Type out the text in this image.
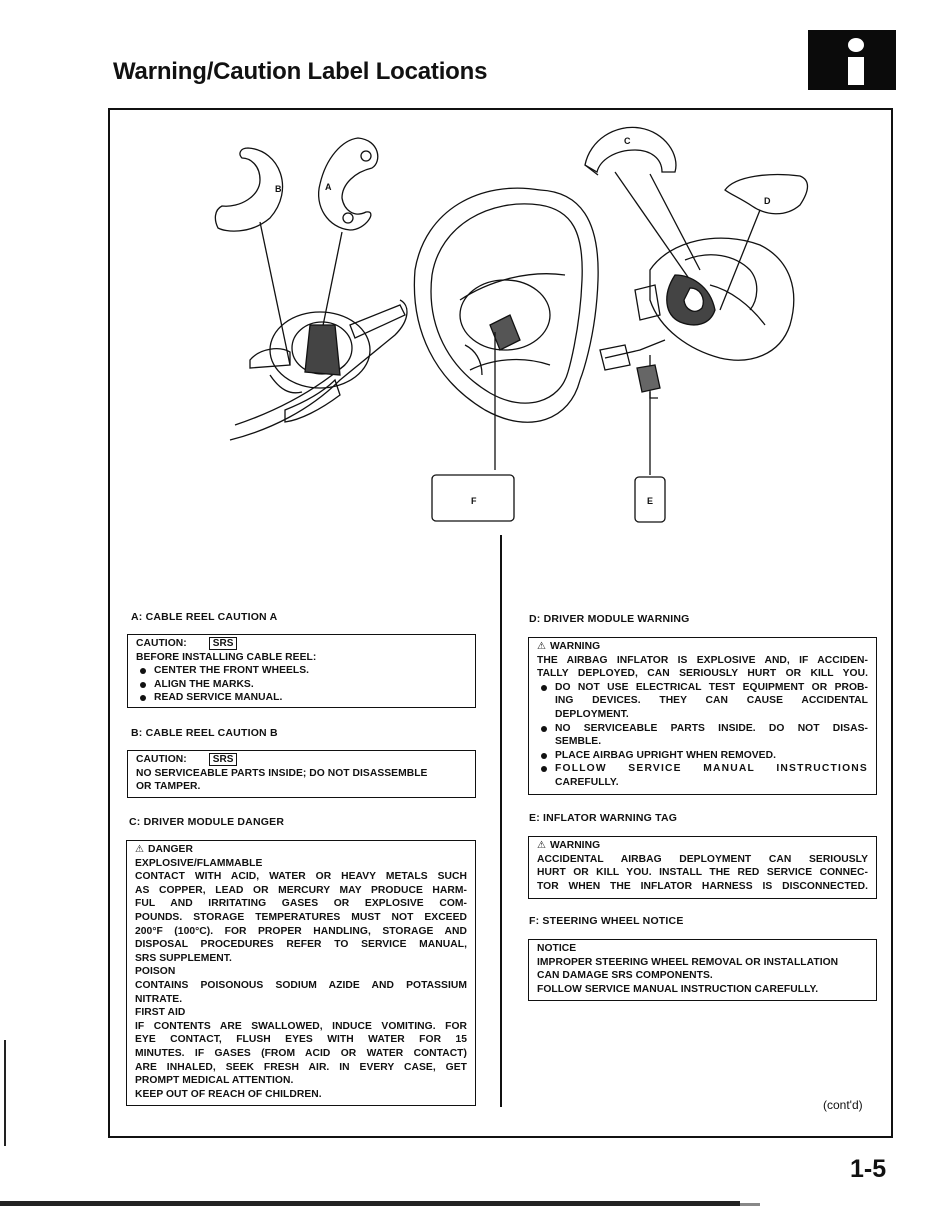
Warning/Caution Label Locations
B	A
C
D
F	E
A: CABLE REEL CAUTION A
CAUTION:	SRS
BEFORE INSTALLING CABLE REEL:
CENTER THE FRONT WHEELS.
ALIGN THE MARKS.
READ SERVICE MANUAL.
B: CABLE REEL CAUTION B
CAUTION:	SRS
NO SERVICEABLE PARTS INSIDE; DO NOT DISASSEMBLE
OR TAMPER.
C: DRIVER MODULE DANGER
⚠ DANGER
EXPLOSIVE/FLAMMABLE
CONTACT WITH ACID, WATER OR HEAVY METALS SUCH
AS COPPER, LEAD OR MERCURY MAY PRODUCE HARM-
FUL AND IRRITATING GASES OR EXPLOSIVE COM-
POUNDS. STORAGE TEMPERATURES MUST NOT EXCEED
200°F (100°C). FOR PROPER HANDLING, STORAGE AND
DISPOSAL PROCEDURES REFER TO SERVICE MANUAL,
SRS SUPPLEMENT.
POISON
CONTAINS POISONOUS SODIUM AZIDE AND POTASSIUM
NITRATE.
FIRST AID
IF CONTENTS ARE SWALLOWED, INDUCE VOMITING. FOR
EYE CONTACT, FLUSH EYES WITH WATER FOR 15
MINUTES. IF GASES (FROM ACID OR WATER CONTACT)
ARE INHALED, SEEK FRESH AIR. IN EVERY CASE, GET
PROMPT MEDICAL ATTENTION.
KEEP OUT OF REACH OF CHILDREN.
D: DRIVER MODULE WARNING
⚠ WARNING
THE AIRBAG INFLATOR IS EXPLOSIVE AND, IF ACCIDEN-
TALLY DEPLOYED, CAN SERIOUSLY HURT OR KILL YOU.
DO NOT USE ELECTRICAL TEST EQUIPMENT OR PROB-
ING DEVICES. THEY CAN CAUSE ACCIDENTAL
DEPLOYMENT.
NO SERVICEABLE PARTS INSIDE. DO NOT DISAS-
SEMBLE.
PLACE AIRBAG UPRIGHT WHEN REMOVED.
FOLLOW SERVICE MANUAL INSTRUCTIONS
CAREFULLY.
E: INFLATOR WARNING TAG
⚠ WARNING
ACCIDENTAL AIRBAG DEPLOYMENT CAN SERIOUSLY
HURT OR KILL YOU. INSTALL THE RED SERVICE CONNEC-
TOR WHEN THE INFLATOR HARNESS IS DISCONNECTED.
F: STEERING WHEEL NOTICE
NOTICE
IMPROPER STEERING WHEEL REMOVAL OR INSTALLATION
CAN DAMAGE SRS COMPONENTS.
FOLLOW SERVICE MANUAL INSTRUCTION CAREFULLY.
(cont'd)
1-5
